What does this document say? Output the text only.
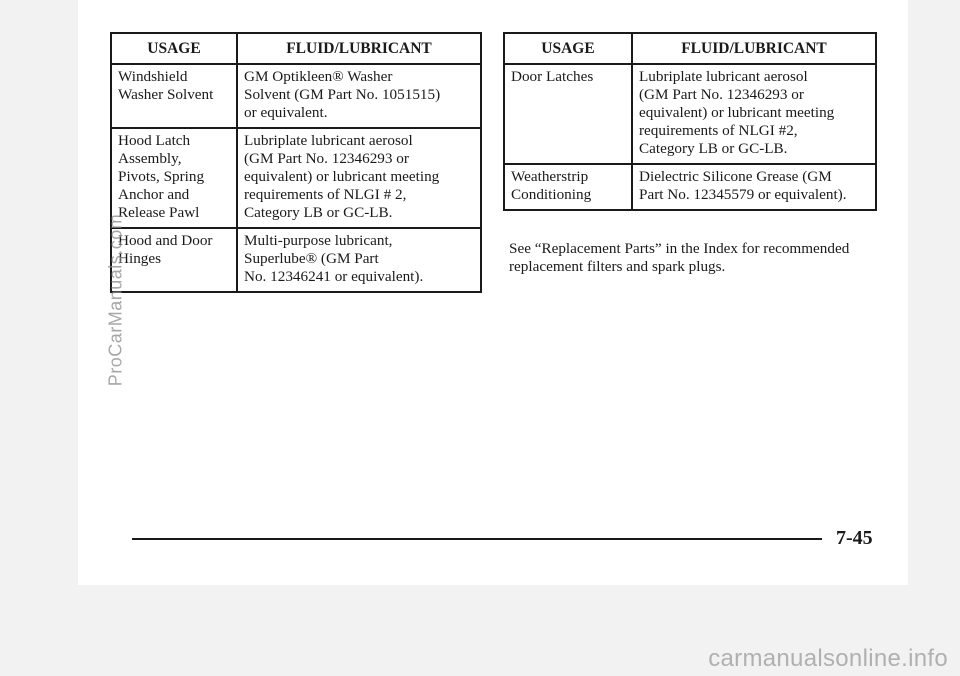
USAGE	FLUID/LUBRICANT

Windshield
Washer Solvent	GM Optikleen® Washer
Solvent (GM Part No. 1051515)
or equivalent.

Hood Latch
Assembly,
Pivots, Spring
Anchor and
Release Pawl	Lubriplate lubricant aerosol
(GM Part No. 12346293 or
equivalent) or lubricant meeting
requirements of NLGI # 2,
Category LB or GC-LB.

Hood and Door
Hinges	Multi-purpose lubricant,
Superlube® (GM Part
No. 12346241 or equivalent).
USAGE	FLUID/LUBRICANT

Door Latches	Lubriplate lubricant aerosol
(GM Part No. 12346293 or
equivalent) or lubricant meeting
requirements of NLGI #2,
Category LB or GC-LB.

Weatherstrip
Conditioning	Dielectric Silicone Grease (GM
Part No. 12345579 or equivalent).

See “Replacement Parts” in the Index for recommended replacement filters and spark plugs.

ProCarManuals.com
7-45
carmanualsonline.info
